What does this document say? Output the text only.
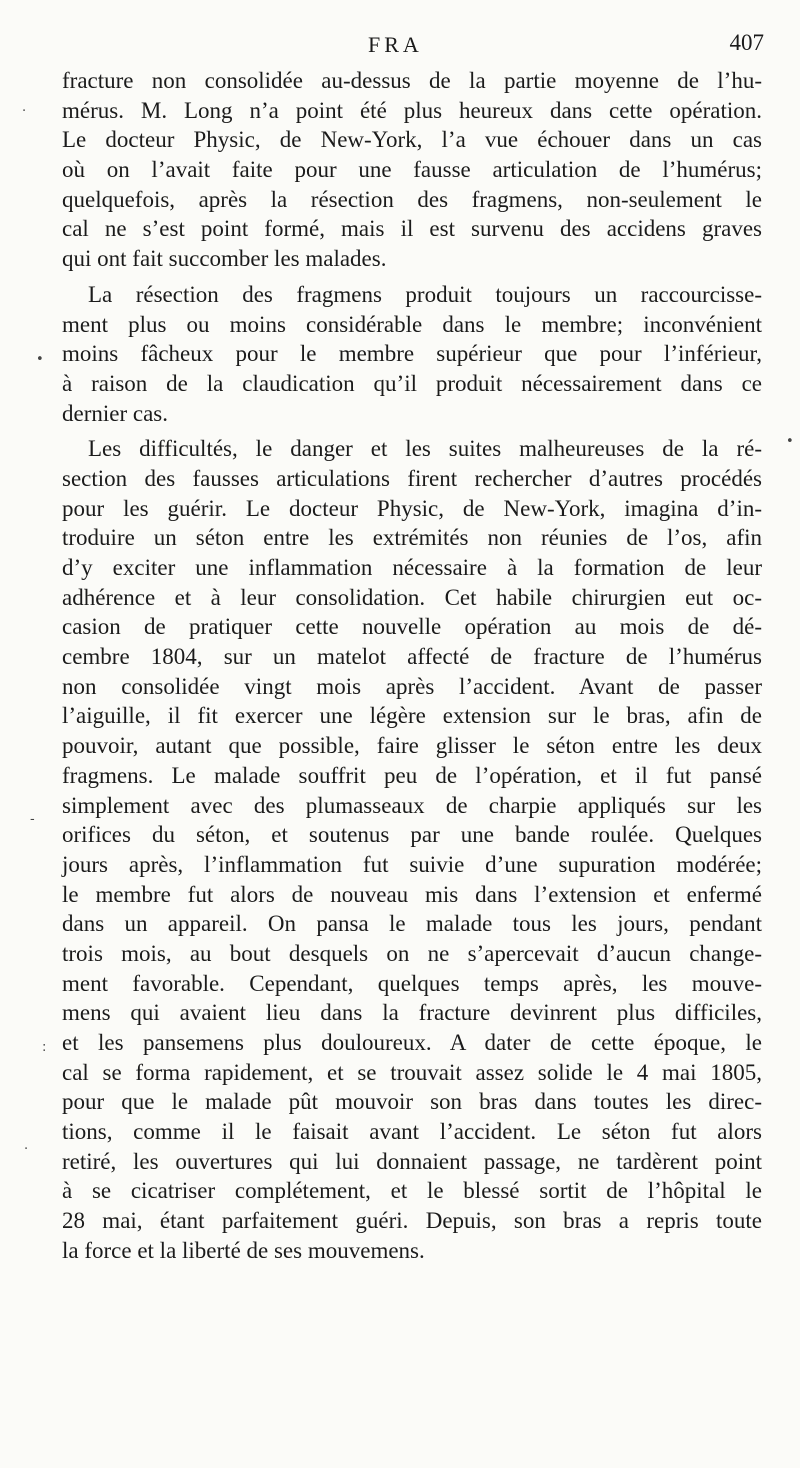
FRA	407
fracture non consolidée au-dessus de la partie moyenne de l’hu-
mérus. M. Long n’a point été plus heureux dans cette opération.
Le docteur Physic, de New-York, l’a vue échouer dans un cas
où on l’avait faite pour une fausse articulation de l’humérus;
quelquefois, après la résection des fragmens, non-seulement le
cal ne s’est point formé, mais il est survenu des accidens graves
qui ont fait succomber les malades.
La résection des fragmens produit toujours un raccourcisse-
ment plus ou moins considérable dans le membre; inconvénient
moins fâcheux pour le membre supérieur que pour l’inférieur,
à raison de la claudication qu’il produit nécessairement dans ce
dernier cas.
Les difficultés, le danger et les suites malheureuses de la ré-
section des fausses articulations firent rechercher d’autres procédés
pour les guérir. Le docteur Physic, de New-York, imagina d’in-
troduire un séton entre les extrémités non réunies de l’os, afin
d’y exciter une inflammation nécessaire à la formation de leur
adhérence et à leur consolidation. Cet habile chirurgien eut oc-
casion de pratiquer cette nouvelle opération au mois de dé-
cembre 1804, sur un matelot affecté de fracture de l’humérus
non consolidée vingt mois après l’accident. Avant de passer
l’aiguille, il fit exercer une légère extension sur le bras, afin de
pouvoir, autant que possible, faire glisser le séton entre les deux
fragmens. Le malade souffrit peu de l’opération, et il fut pansé
simplement avec des plumasseaux de charpie appliqués sur les
orifices du séton, et soutenus par une bande roulée. Quelques
jours après, l’inflammation fut suivie d’une supuration modérée;
le membre fut alors de nouveau mis dans l’extension et enfermé
dans un appareil. On pansa le malade tous les jours, pendant
trois mois, au bout desquels on ne s’apercevait d’aucun change-
ment favorable. Cependant, quelques temps après, les mouve-
mens qui avaient lieu dans la fracture devinrent plus difficiles,
et les pansemens plus douloureux. A dater de cette époque, le
cal se forma rapidement, et se trouvait assez solide le 4 mai 1805,
pour que le malade pût mouvoir son bras dans toutes les direc-
tions, comme il le faisait avant l’accident. Le séton fut alors
retiré, les ouvertures qui lui donnaient passage, ne tardèrent point
à se cicatriser complétement, et le blessé sortit de l’hôpital le
28 mai, étant parfaitement guéri. Depuis, son bras a repris toute
la force et la liberté de ses mouvemens.
·
•
•
-
:
·
